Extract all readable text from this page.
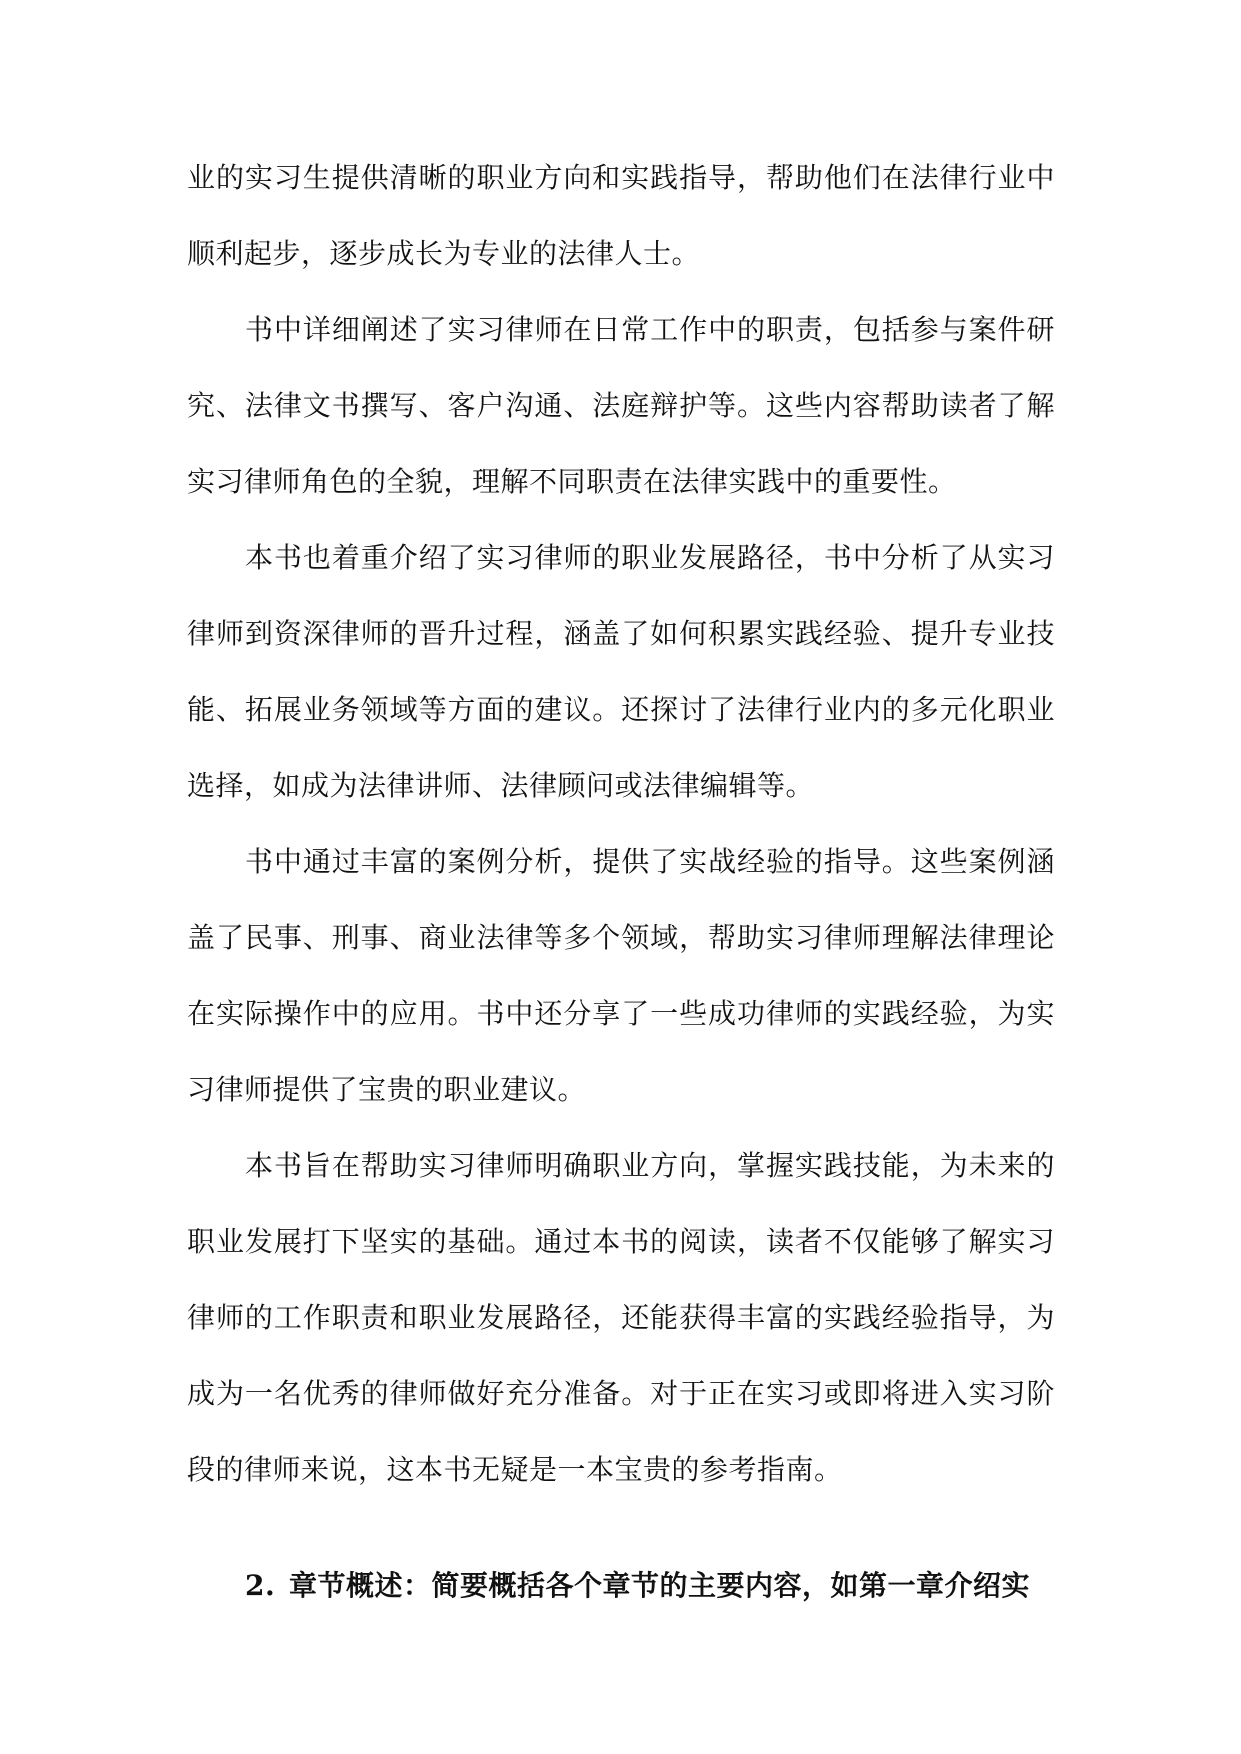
业的实习生提供清晰的职业方向和实践指导，帮助他们在法律行业中顺利起步，逐步成长为专业的法律人士。

书中详细阐述了实习律师在日常工作中的职责，包括参与案件研究、法律文书撰写、客户沟通、法庭辩护等。这些内容帮助读者了解实习律师角色的全貌，理解不同职责在法律实践中的重要性。

本书也着重介绍了实习律师的职业发展路径，书中分析了从实习律师到资深律师的晋升过程，涵盖了如何积累实践经验、提升专业技能、拓展业务领域等方面的建议。还探讨了法律行业内的多元化职业选择，如成为法律讲师、法律顾问或法律编辑等。

书中通过丰富的案例分析，提供了实战经验的指导。这些案例涵盖了民事、刑事、商业法律等多个领域，帮助实习律师理解法律理论在实际操作中的应用。书中还分享了一些成功律师的实践经验，为实习律师提供了宝贵的职业建议。

本书旨在帮助实习律师明确职业方向，掌握实践技能，为未来的职业发展打下坚实的基础。通过本书的阅读，读者不仅能够了解实习律师的工作职责和职业发展路径，还能获得丰富的实践经验指导，为成为一名优秀的律师做好充分准备。对于正在实习或即将进入实习阶段的律师来说，这本书无疑是一本宝贵的参考指南。

2. 章节概述：简要概括各个章节的主要内容，如第一章介绍实
